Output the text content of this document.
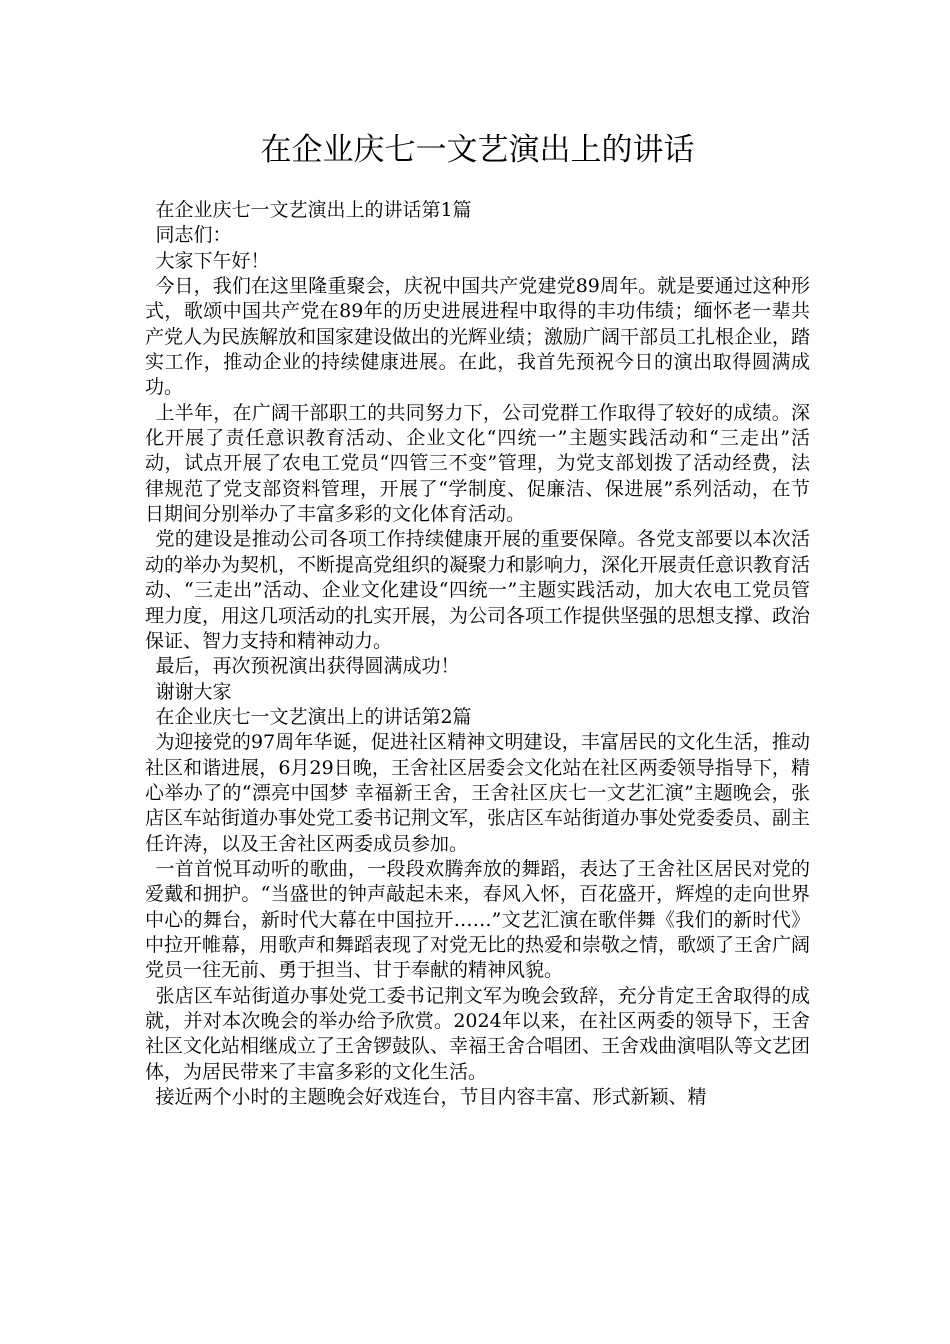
在企业庆七一文艺演出上的讲话

在企业庆七一文艺演出上的讲话第1篇

同志们：

大家下午好！

今日，我们在这里隆重聚会，庆祝中国共产党建党89周年。就是要通过这种形式，歌颂中国共产党在89年的历史进展进程中取得的丰功伟绩；缅怀老一辈共产党人为民族解放和国家建设做出的光辉业绩；激励广阔干部员工扎根企业，踏实工作，推动企业的持续健康进展。在此，我首先预祝今日的演出取得圆满成功。

上半年，在广阔干部职工的共同努力下，公司党群工作取得了较好的成绩。深化开展了责任意识教育活动、企业文化“四统一”主题实践活动和“三走出”活动，试点开展了农电工党员“四管三不变”管理，为党支部划拨了活动经费，法律规范了党支部资料管理，开展了“学制度、促廉洁、保进展”系列活动，在节日期间分别举办了丰富多彩的文化体育活动。

党的建设是推动公司各项工作持续健康开展的重要保障。各党支部要以本次活动的举办为契机，不断提高党组织的凝聚力和影响力，深化开展责任意识教育活动、“三走出”活动、企业文化建设“四统一”主题实践活动，加大农电工党员管理力度，用这几项活动的扎实开展，为公司各项工作提供坚强的思想支撑、政治保证、智力支持和精神动力。

最后，再次预祝演出获得圆满成功！

谢谢大家

在企业庆七一文艺演出上的讲话第2篇

为迎接党的97周年华诞，促进社区精神文明建设，丰富居民的文化生活，推动社区和谐进展，6月29日晚，王舍社区居委会文化站在社区两委领导指导下，精心举办了的“漂亮中国梦 幸福新王舍，王舍社区庆七一文艺汇演”主题晚会，张店区车站街道办事处党工委书记荆文军，张店区车站街道办事处党委委员、副主任许涛，以及王舍社区两委成员参加。

一首首悦耳动听的歌曲，一段段欢腾奔放的舞蹈，表达了王舍社区居民对党的爱戴和拥护。“当盛世的钟声敲起未来，春风入怀，百花盛开，辉煌的走向世界中心的舞台，新时代大幕在中国拉开……”文艺汇演在歌伴舞《我们的新时代》中拉开帷幕，用歌声和舞蹈表现了对党无比的热爱和崇敬之情，歌颂了王舍广阔党员一往无前、勇于担当、甘于奉献的精神风貌。

张店区车站街道办事处党工委书记荆文军为晚会致辞，充分肯定王舍取得的成就，并对本次晚会的举办给予欣赏。2024年以来，在社区两委的领导下，王舍社区文化站相继成立了王舍锣鼓队、幸福王舍合唱团、王舍戏曲演唱队等文艺团体，为居民带来了丰富多彩的文化生活。

接近两个小时的主题晚会好戏连台，节目内容丰富、形式新颖、精
